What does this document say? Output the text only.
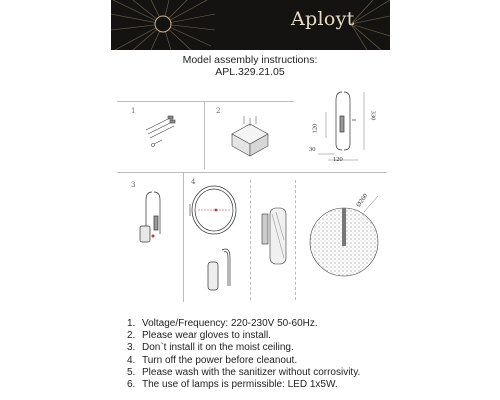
Aployt
Model assembly instructions:
APL.329.21.05
1	2
3	4
330
120
30
120
Ø260
1. Voltage/Frequency: 220-230V 50-60Hz.
2. Please wear gloves to install.
3. Don`t install it on the moist ceiling.
4. Turn off the power before cleanout.
5. Please wash with the sanitizer without corrosivity.
6. The use of lamps is permissible: LED 1x5W.
